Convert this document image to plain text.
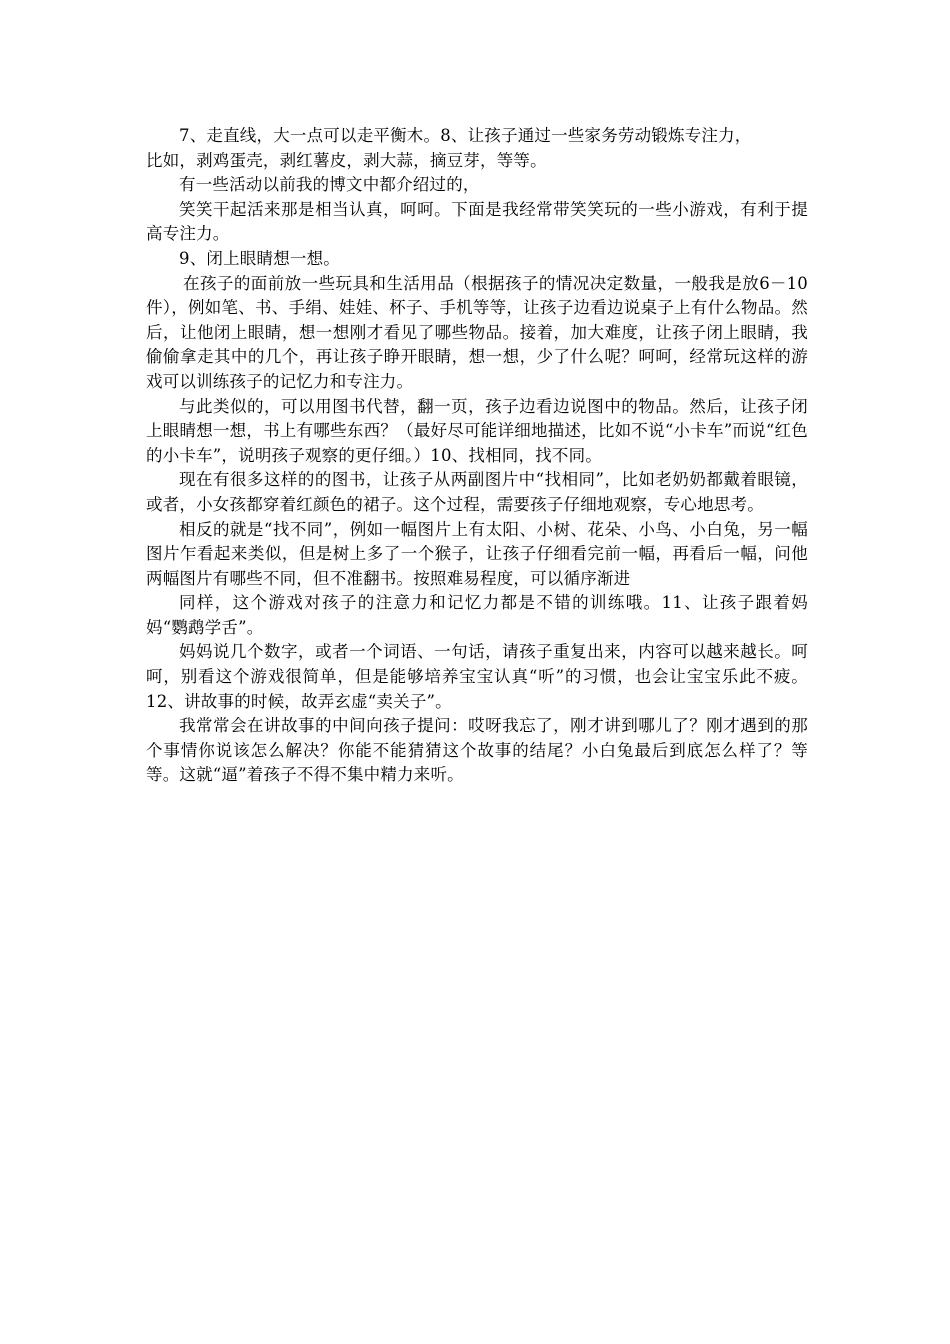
7、走直线，大一点可以走平衡木。8、让孩子通过一些家务劳动锻炼专注力，

比如，剥鸡蛋壳，剥红薯皮，剥大蒜，摘豆芽，等等。

有一些活动以前我的博文中都介绍过的，

笑笑干起活来那是相当认真，呵呵。下面是我经常带笑笑玩的一些小游戏，有利于提高专注力。

9、闭上眼睛想一想。

在孩子的面前放一些玩具和生活用品（根据孩子的情况决定数量，一般我是放6－10件），例如笔、书、手绢、娃娃、杯子、手机等等，让孩子边看边说桌子上有什么物品。然后，让他闭上眼睛，想一想刚才看见了哪些物品。接着，加大难度，让孩子闭上眼睛，我偷偷拿走其中的几个，再让孩子睁开眼睛，想一想，少了什么呢？呵呵，经常玩这样的游戏可以训练孩子的记忆力和专注力。

与此类似的，可以用图书代替，翻一页，孩子边看边说图中的物品。然后，让孩子闭上眼睛想一想，书上有哪些东西？（最好尽可能详细地描述，比如不说“小卡车”而说“红色的小卡车”，说明孩子观察的更仔细。）10、找相同，找不同。

现在有很多这样的的图书，让孩子从两副图片中“找相同”，比如老奶奶都戴着眼镜，或者，小女孩都穿着红颜色的裙子。这个过程，需要孩子仔细地观察，专心地思考。

相反的就是“找不同”，例如一幅图片上有太阳、小树、花朵、小鸟、小白兔，另一幅图片乍看起来类似，但是树上多了一个猴子，让孩子仔细看完前一幅，再看后一幅，问他两幅图片有哪些不同，但不准翻书。按照难易程度，可以循序渐进

同样，这个游戏对孩子的注意力和记忆力都是不错的训练哦。11、让孩子跟着妈妈“鹦鹉学舌”。

妈妈说几个数字，或者一个词语、一句话，请孩子重复出来，内容可以越来越长。呵呵，别看这个游戏很简单，但是能够培养宝宝认真“听”的习惯，也会让宝宝乐此不疲。 12、讲故事的时候，故弄玄虚“卖关子”。

我常常会在讲故事的中间向孩子提问：哎呀我忘了，刚才讲到哪儿了？刚才遇到的那个事情你说该怎么解决？你能不能猜猜这个故事的结尾？小白兔最后到底怎么样了？等等。这就“逼”着孩子不得不集中精力来听。
